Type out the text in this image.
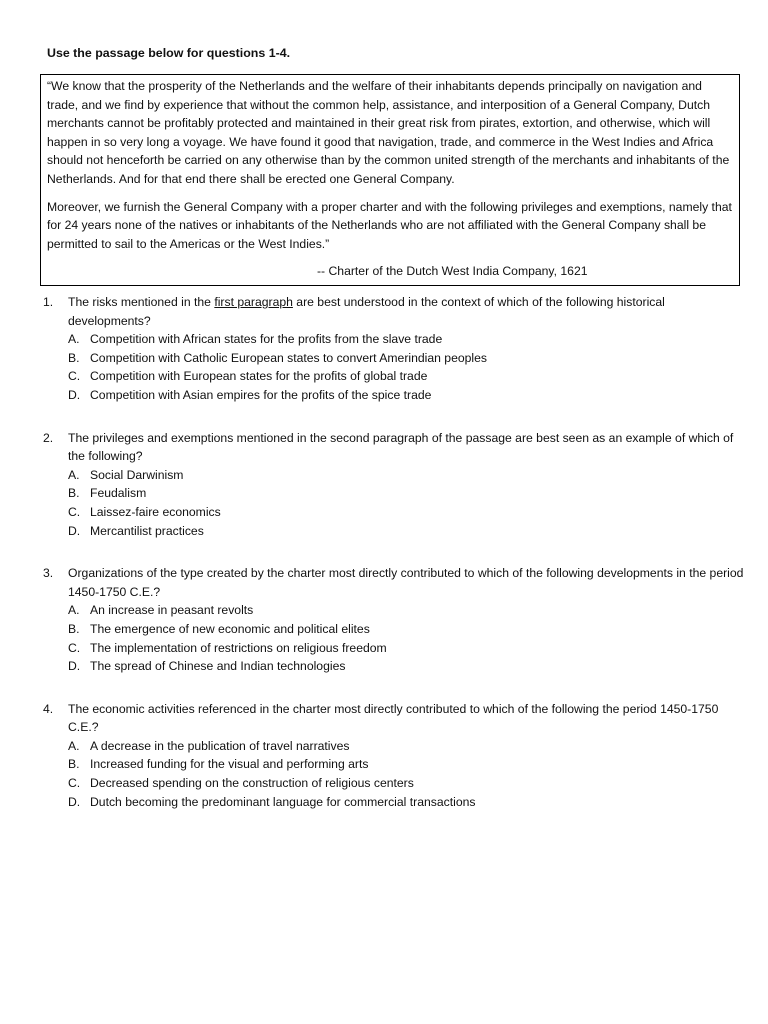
Use the passage below for questions 1-4.

“We know that the prosperity of the Netherlands and the welfare of their inhabitants depends principally on navigation and trade, and we find by experience that without the common help, assistance, and interposition of a General Company, Dutch merchants cannot be profitably protected and maintained in their great risk from pirates, extortion, and otherwise, which will happen in so very long a voyage. We have found it good that navigation, trade, and commerce in the West Indies and Africa should not henceforth be carried on any otherwise than by the common united strength of the merchants and inhabitants of the Netherlands. And for that end there shall be erected one General Company.

Moreover, we furnish the General Company with a proper charter and with the following privileges and exemptions, namely that for 24 years none of the natives or inhabitants of the Netherlands who are not affiliated with the General Company shall be permitted to sail to the Americas or the West Indies.”

-- Charter of the Dutch West India Company, 1621
1. The risks mentioned in the first paragraph are best understood in the context of which of the following historical developments?
A. Competition with African states for the profits from the slave trade
B. Competition with Catholic European states to convert Amerindian peoples
C. Competition with European states for the profits of global trade
D. Competition with Asian empires for the profits of the spice trade
2. The privileges and exemptions mentioned in the second paragraph of the passage are best seen as an example of which of the following?
A. Social Darwinism
B. Feudalism
C. Laissez-faire economics
D. Mercantilist practices
3. Organizations of the type created by the charter most directly contributed to which of the following developments in the period 1450-1750 C.E.?
A. An increase in peasant revolts
B. The emergence of new economic and political elites
C. The implementation of restrictions on religious freedom
D. The spread of Chinese and Indian technologies
4. The economic activities referenced in the charter most directly contributed to which of the following the period 1450-1750 C.E.?
A. A decrease in the publication of travel narratives
B. Increased funding for the visual and performing arts
C. Decreased spending on the construction of religious centers
D. Dutch becoming the predominant language for commercial transactions
